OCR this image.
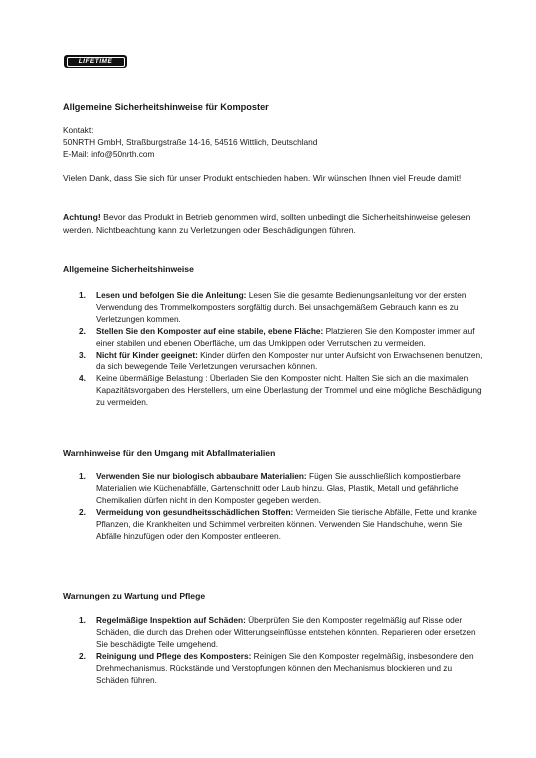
LIFETIME
Allgemeine Sicherheitshinweise für Komposter
Kontakt:
50NRTH GmbH, Straßburgstraße 14-16, 54516 Wittlich, Deutschland
E-Mail: info@50nrth.com
Vielen Dank, dass Sie sich für unser Produkt entschieden haben. Wir wünschen Ihnen viel Freude damit!
Achtung! Bevor das Produkt in Betrieb genommen wird, sollten unbedingt die Sicherheitshinweise gelesen werden. Nichtbeachtung kann zu Verletzungen oder Beschädigungen führen.
Allgemeine Sicherheitshinweise
1. Lesen und befolgen Sie die Anleitung: Lesen Sie die gesamte Bedienungsanleitung vor der ersten Verwendung des Trommelkomposters sorgfältig durch. Bei unsachgemäßem Gebrauch kann es zu Verletzungen kommen.
2. Stellen Sie den Komposter auf eine stabile, ebene Fläche: Platzieren Sie den Komposter immer auf einer stabilen und ebenen Oberfläche, um das Umkippen oder Verrutschen zu vermeiden.
3. Nicht für Kinder geeignet: Kinder dürfen den Komposter nur unter Aufsicht von Erwachsenen benutzen, da sich bewegende Teile Verletzungen verursachen können.
4. Keine übermäßige Belastung : Überladen Sie den Komposter nicht. Halten Sie sich an die maximalen Kapazitätsvorgaben des Herstellers, um eine Überlastung der Trommel und eine mögliche Beschädigung zu vermeiden.
Warnhinweise für den Umgang mit Abfallmaterialien
1. Verwenden Sie nur biologisch abbaubare Materialien: Fügen Sie ausschließlich kompostierbare Materialien wie Küchenabfälle, Gartenschnitt oder Laub hinzu. Glas, Plastik, Metall und gefährliche Chemikalien dürfen nicht in den Komposter gegeben werden.
2. Vermeidung von gesundheitsschädlichen Stoffen: Vermeiden Sie tierische Abfälle, Fette und kranke Pflanzen, die Krankheiten und Schimmel verbreiten können. Verwenden Sie Handschuhe, wenn Sie Abfälle hinzufügen oder den Komposter entleeren.
Warnungen zu Wartung und Pflege
1. Regelmäßige Inspektion auf Schäden: Überprüfen Sie den Komposter regelmäßig auf Risse oder Schäden, die durch das Drehen oder Witterungseinflüsse entstehen könnten. Reparieren oder ersetzen Sie beschädigte Teile umgehend.
2. Reinigung und Pflege des Komposters: Reinigen Sie den Komposter regelmäßig, insbesondere den Drehmechanismus. Rückstände und Verstopfungen können den Mechanismus blockieren und zu Schäden führen.
